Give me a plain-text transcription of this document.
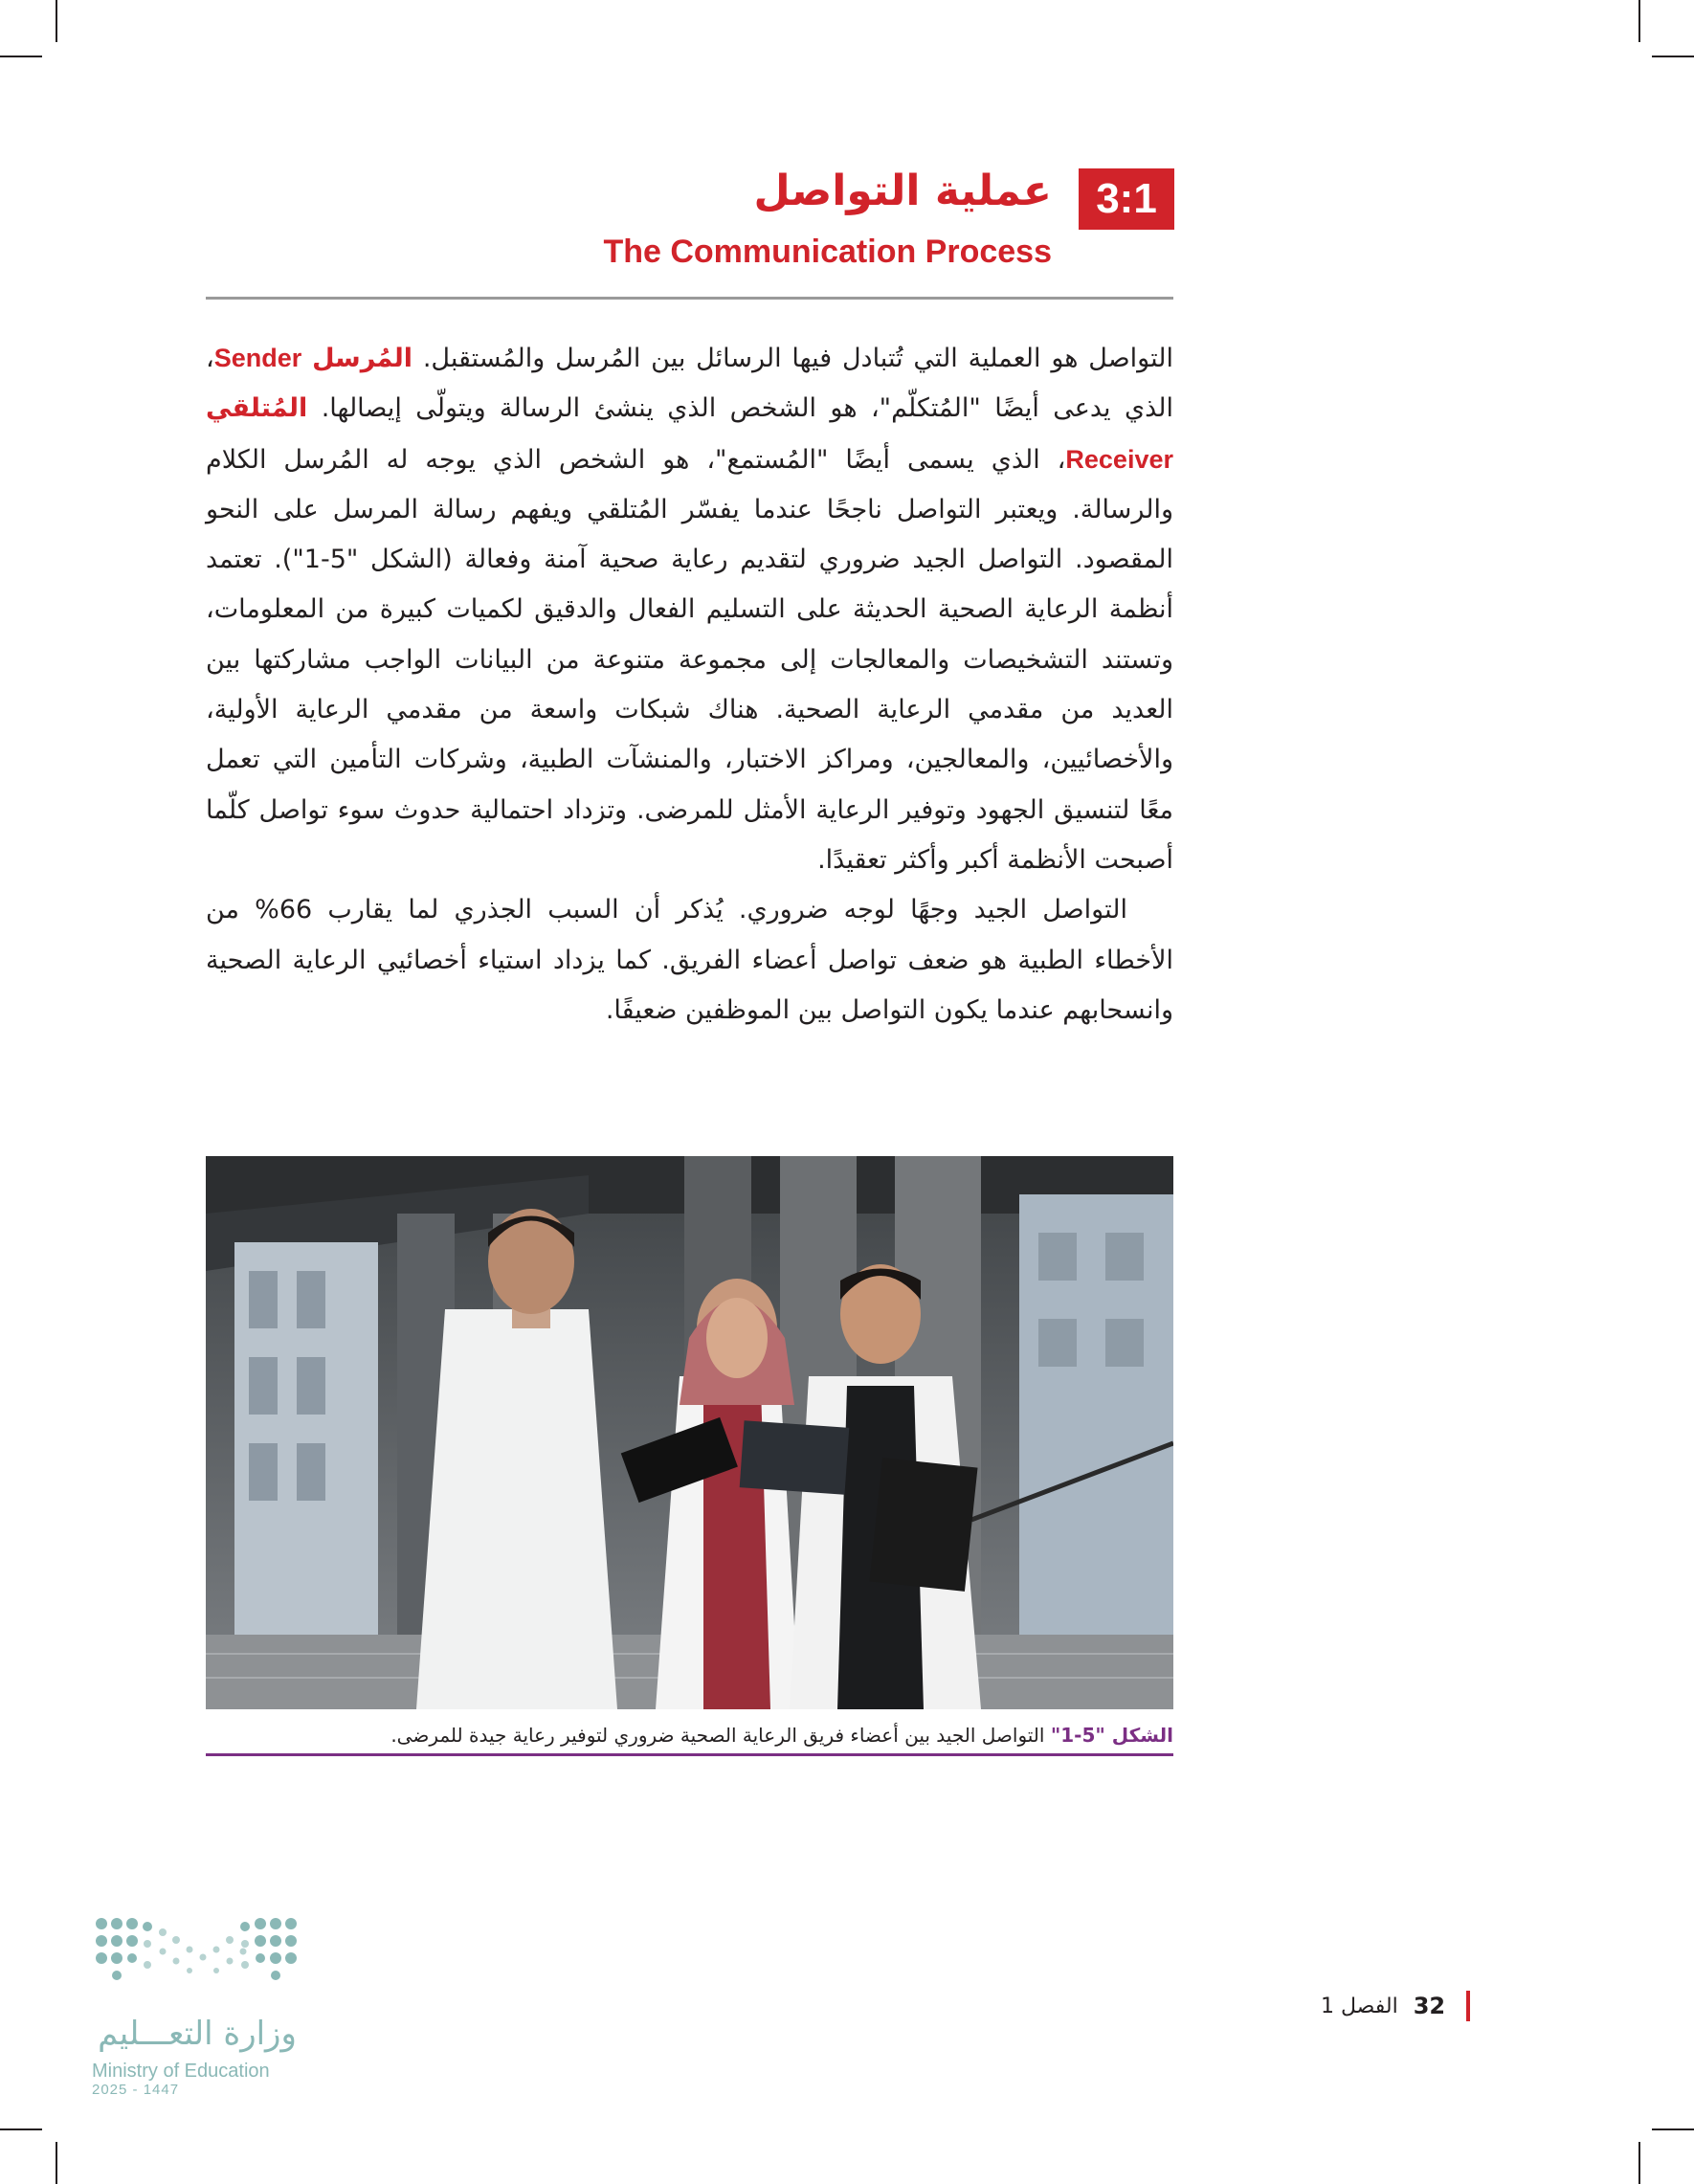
3:1
عملية التواصل
The Communication Process

التواصل هو العملية التي تُتبادل فيها الرسائل بين المُرسل والمُستقبل. المُرسل Sender، الذي يدعى أيضًا "المُتكلّم"، هو الشخص الذي ينشئ الرسالة ويتولّى إيصالها. المُتلقي Receiver، الذي يسمى أيضًا "المُستمع"، هو الشخص الذي يوجه له المُرسل الكلام والرسالة. ويعتبر التواصل ناجحًا عندما يفسّر المُتلقي ويفهم رسالة المرسل على النحو المقصود. التواصل الجيد ضروري لتقديم رعاية صحية آمنة وفعالة (الشكل "5-1"). تعتمد أنظمة الرعاية الصحية الحديثة على التسليم الفعال والدقيق لكميات كبيرة من المعلومات، وتستند التشخيصات والمعالجات إلى مجموعة متنوعة من البيانات الواجب مشاركتها بين العديد من مقدمي الرعاية الصحية. هناك شبكات واسعة من مقدمي الرعاية الأولية، والأخصائيين، والمعالجين، ومراكز الاختبار، والمنشآت الطبية، وشركات التأمين التي تعمل معًا لتنسيق الجهود وتوفير الرعاية الأمثل للمرضى. وتزداد احتمالية حدوث سوء تواصل كلّما أصبحت الأنظمة أكبر وأكثر تعقيدًا.

التواصل الجيد وجهًا لوجه ضروري. يُذكر أن السبب الجذري لما يقارب 66% من الأخطاء الطبية هو ضعف تواصل أعضاء الفريق. كما يزداد استياء أخصائيي الرعاية الصحية وانسحابهم عندما يكون التواصل بين الموظفين ضعيفًا.

الشكل "5-1" التواصل الجيد بين أعضاء فريق الرعاية الصحية ضروري لتوفير رعاية جيدة للمرضى.
الفصل 1 32
وزارة التعـــليم
Ministry of Education
2025 - 1447
